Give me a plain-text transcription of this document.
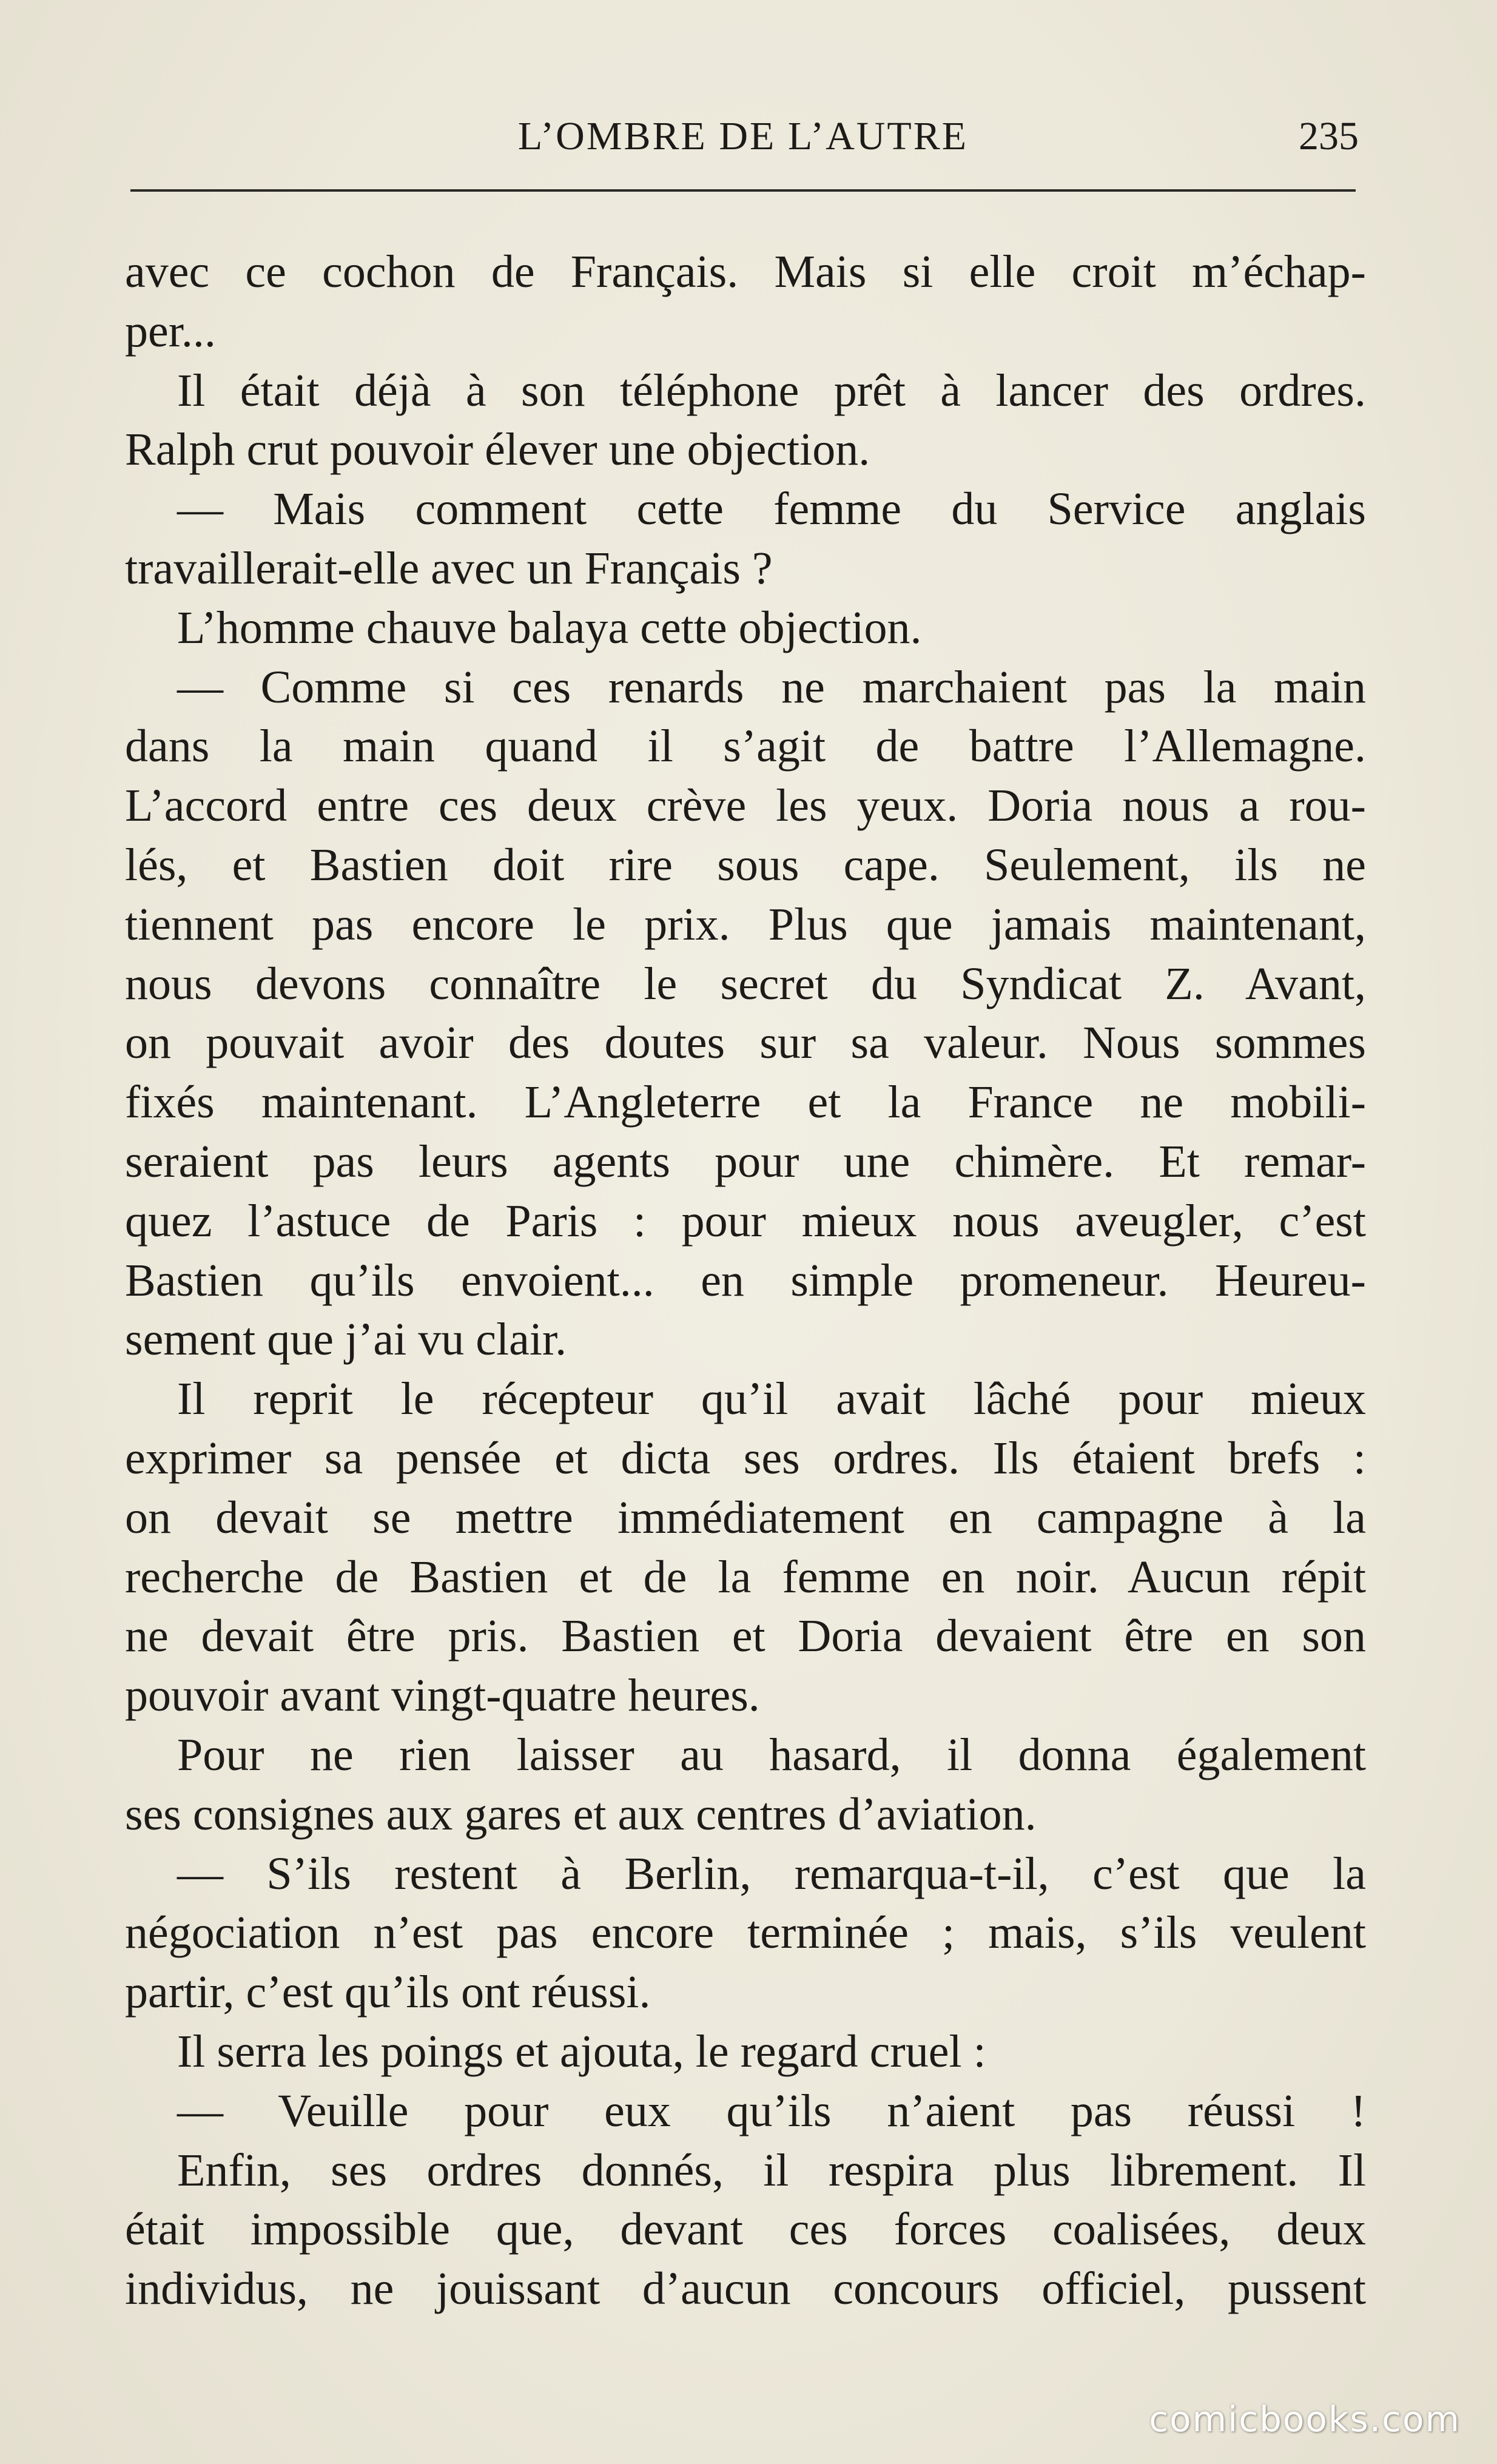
L’OMBRE DE L’AUTRE	235
avec ce cochon de Français. Mais si elle croit m’échap-
per...
Il était déjà à son téléphone prêt à lancer des ordres.
Ralph crut pouvoir élever une objection.
— Mais comment cette femme du Service anglais
travaillerait-elle avec un Français ?
L’homme chauve balaya cette objection.
— Comme si ces renards ne marchaient pas la main
dans la main quand il s’agit de battre l’Allemagne.
L’accord entre ces deux crève les yeux. Doria nous a rou-
lés, et Bastien doit rire sous cape. Seulement, ils ne
tiennent pas encore le prix. Plus que jamais maintenant,
nous devons connaître le secret du Syndicat Z. Avant,
on pouvait avoir des doutes sur sa valeur. Nous sommes
fixés maintenant. L’Angleterre et la France ne mobili-
seraient pas leurs agents pour une chimère. Et remar-
quez l’astuce de Paris : pour mieux nous aveugler, c’est
Bastien qu’ils envoient... en simple promeneur. Heureu-
sement que j’ai vu clair.
Il reprit le récepteur qu’il avait lâché pour mieux
exprimer sa pensée et dicta ses ordres. Ils étaient brefs :
on devait se mettre immédiatement en campagne à la
recherche de Bastien et de la femme en noir. Aucun répit
ne devait être pris. Bastien et Doria devaient être en son
pouvoir avant vingt-quatre heures.
Pour ne rien laisser au hasard, il donna également
ses consignes aux gares et aux centres d’aviation.
— S’ils restent à Berlin, remarqua-t-il, c’est que la
négociation n’est pas encore terminée ; mais, s’ils veulent
partir, c’est qu’ils ont réussi.
Il serra les poings et ajouta, le regard cruel :
— Veuille pour eux qu’ils n’aient pas réussi !
Enfin, ses ordres donnés, il respira plus librement. Il
était impossible que, devant ces forces coalisées, deux
individus, ne jouissant d’aucun concours officiel, pussent
comicbooks.com
